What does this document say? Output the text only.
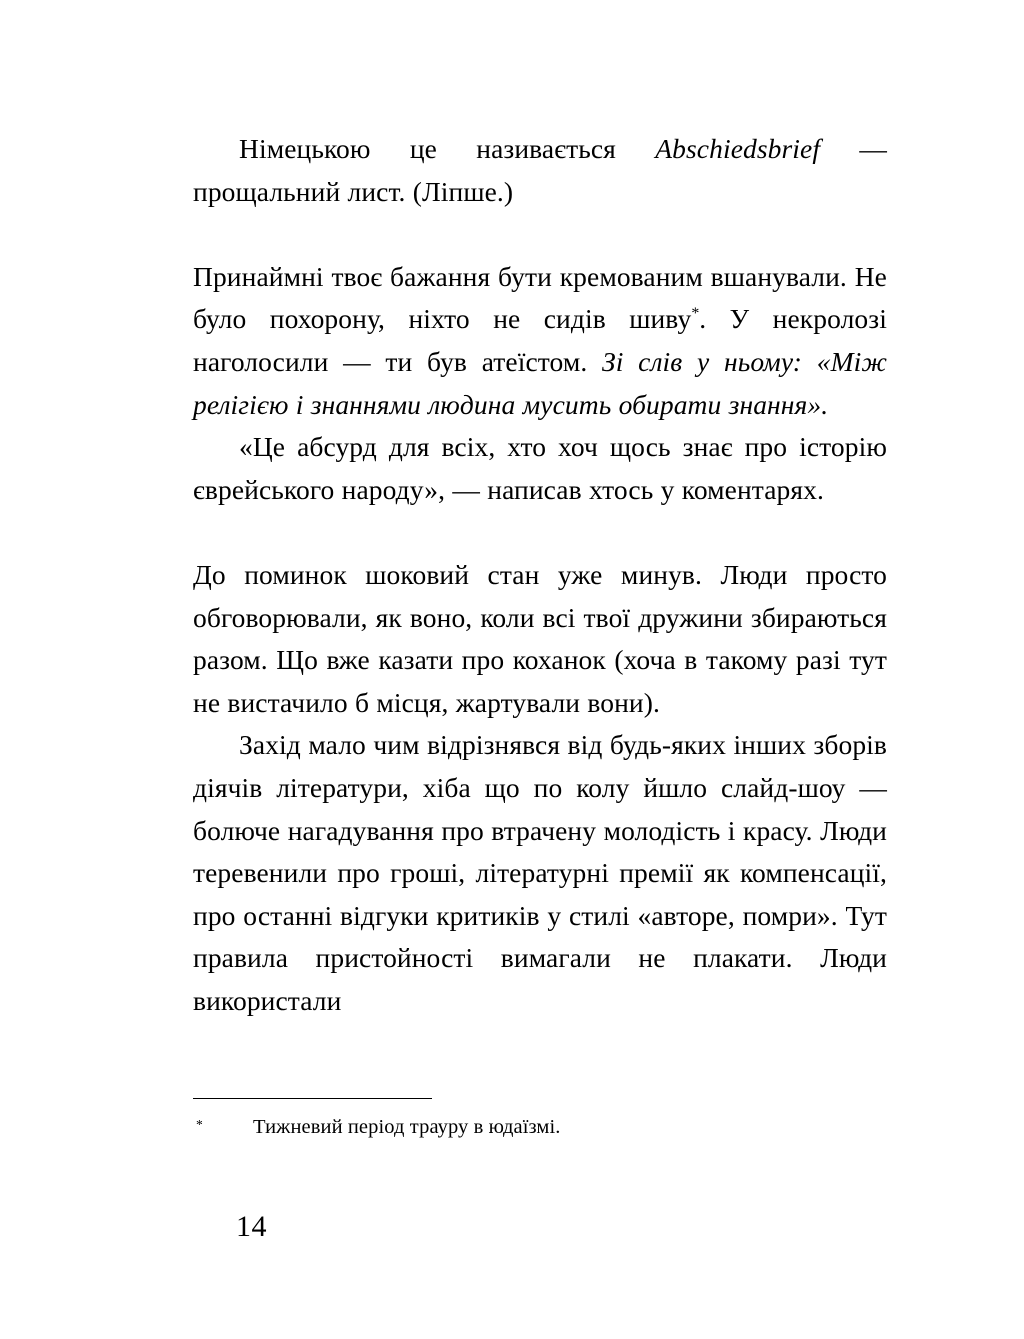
Німецькою це називається Abschiedsbrief — прощальний лист. (Ліпше.)

Принаймні твоє бажання бути кремованим вшанували. Не було похорону, ніхто не сидів шиву*. У некролозі наголосили — ти був атеїстом. Зі слів у ньому: «Між релігією і знаннями людина мусить обирати знання».

«Це абсурд для всіх, хто хоч щось знає про історію єврейського народу», — написав хтось у коментарях.

До поминок шоковий стан уже минув. Люди просто обговорювали, як воно, коли всі твої дружини збираються разом. Що вже казати про коханок (хоча в такому разі тут не вистачило б місця, жартували вони).

Захід мало чим відрізнявся від будь-яких інших зборів діячів літератури, хіба що по колу йшло слайд-шоу — болюче нагадування про втрачену молодість і красу. Люди теревенили про гроші, літературні премії як компенсації, про останні відгуки критиків у стилі «авторе, помри». Тут правила пристойності вимагали не плакати. Люди використали

* Тижневий період трауру в юдаїзмі.

14
